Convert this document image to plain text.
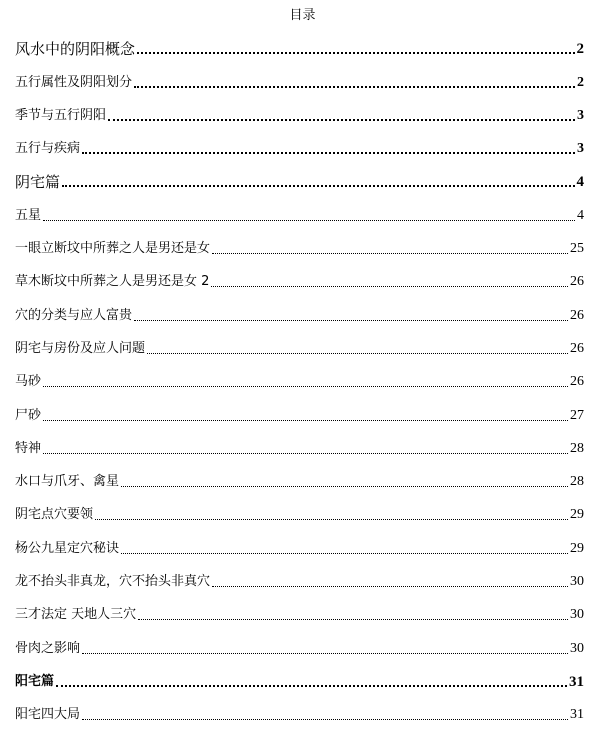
目录
风水中的阴阳概念	2
五行属性及阴阳划分	2
季节与五行阴阳	3
五行与疾病	3
阴宅篇	4
五星	4
一眼立断坟中所葬之人是男还是女	25
草木断坟中所葬之人是男还是女 2	26
穴的分类与应人富贵	26
阴宅与房份及应人问题	26
马砂	26
尸砂	27
特神	28
水口与爪牙、禽星	28
阴宅点穴要领	29
杨公九星定穴秘诀	29
龙不抬头非真龙，穴不抬头非真穴	30
三才法定 天地人三穴	30
骨肉之影响	30
阳宅篇	31
阳宅四大局	31
